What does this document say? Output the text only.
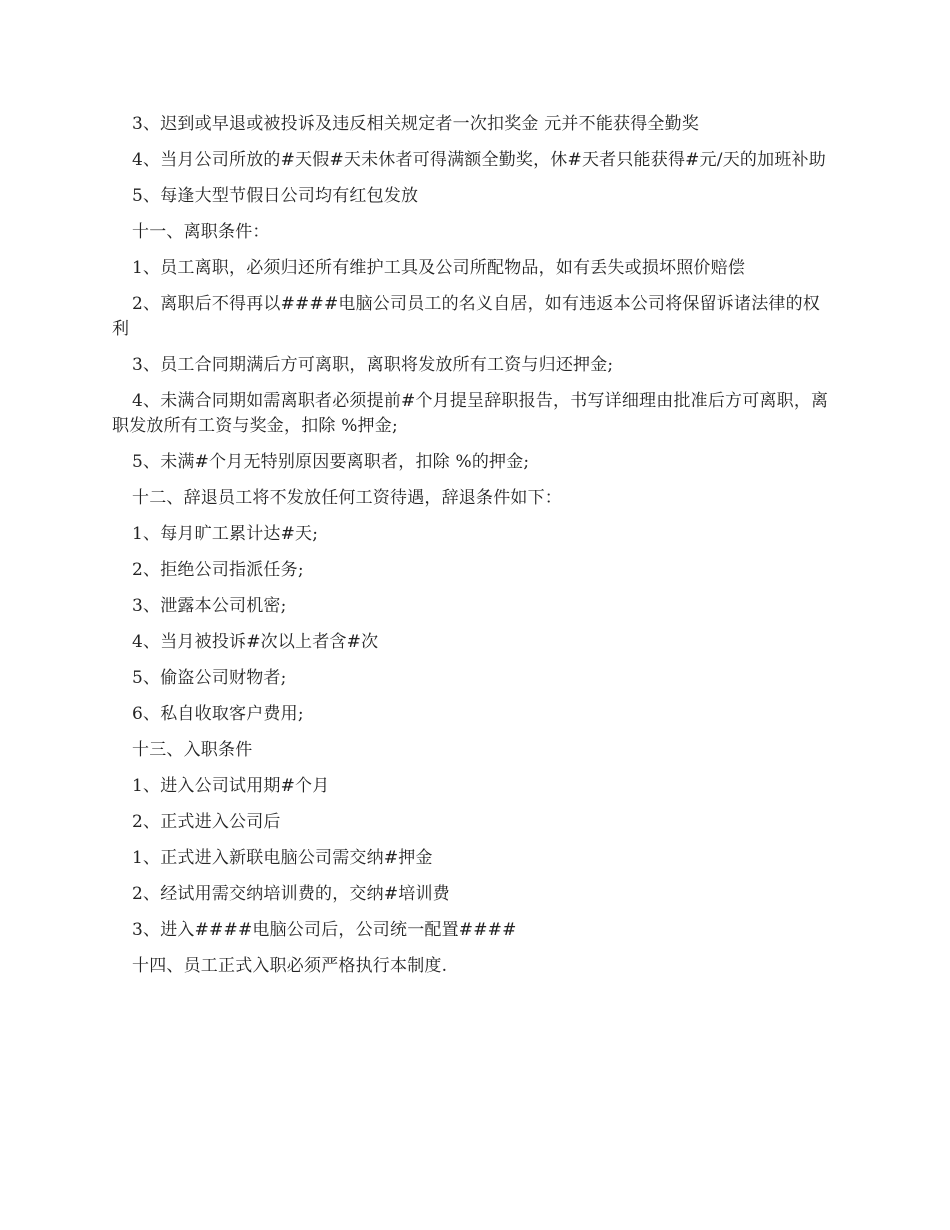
3、迟到或早退或被投诉及违反相关规定者一次扣奖金 元并不能获得全勤奖

4、当月公司所放的#天假#天未休者可得满额全勤奖，休#天者只能获得#元/天的加班补助

5、每逢大型节假日公司均有红包发放

十一、离职条件：

1、员工离职，必须归还所有维护工具及公司所配物品，如有丢失或损坏照价赔偿

2、离职后不得再以####电脑公司员工的名义自居，如有违返本公司将保留诉诸法律的权利

3、员工合同期满后方可离职，离职将发放所有工资与归还押金;

4、未满合同期如需离职者必须提前#个月提呈辞职报告，书写详细理由批准后方可离职，离职发放所有工资与奖金，扣除 %押金;

5、未满#个月无特别原因要离职者，扣除 %的押金;

十二、辞退员工将不发放任何工资待遇，辞退条件如下：

1、每月旷工累计达#天;

2、拒绝公司指派任务;

3、泄露本公司机密;

4、当月被投诉#次以上者含#次

5、偷盗公司财物者;

6、私自收取客户费用;

十三、入职条件

1、进入公司试用期#个月

2、正式进入公司后

1、正式进入新联电脑公司需交纳#押金

2、经试用需交纳培训费的，交纳#培训费

3、进入####电脑公司后，公司统一配置####

十四、员工正式入职必须严格执行本制度.
